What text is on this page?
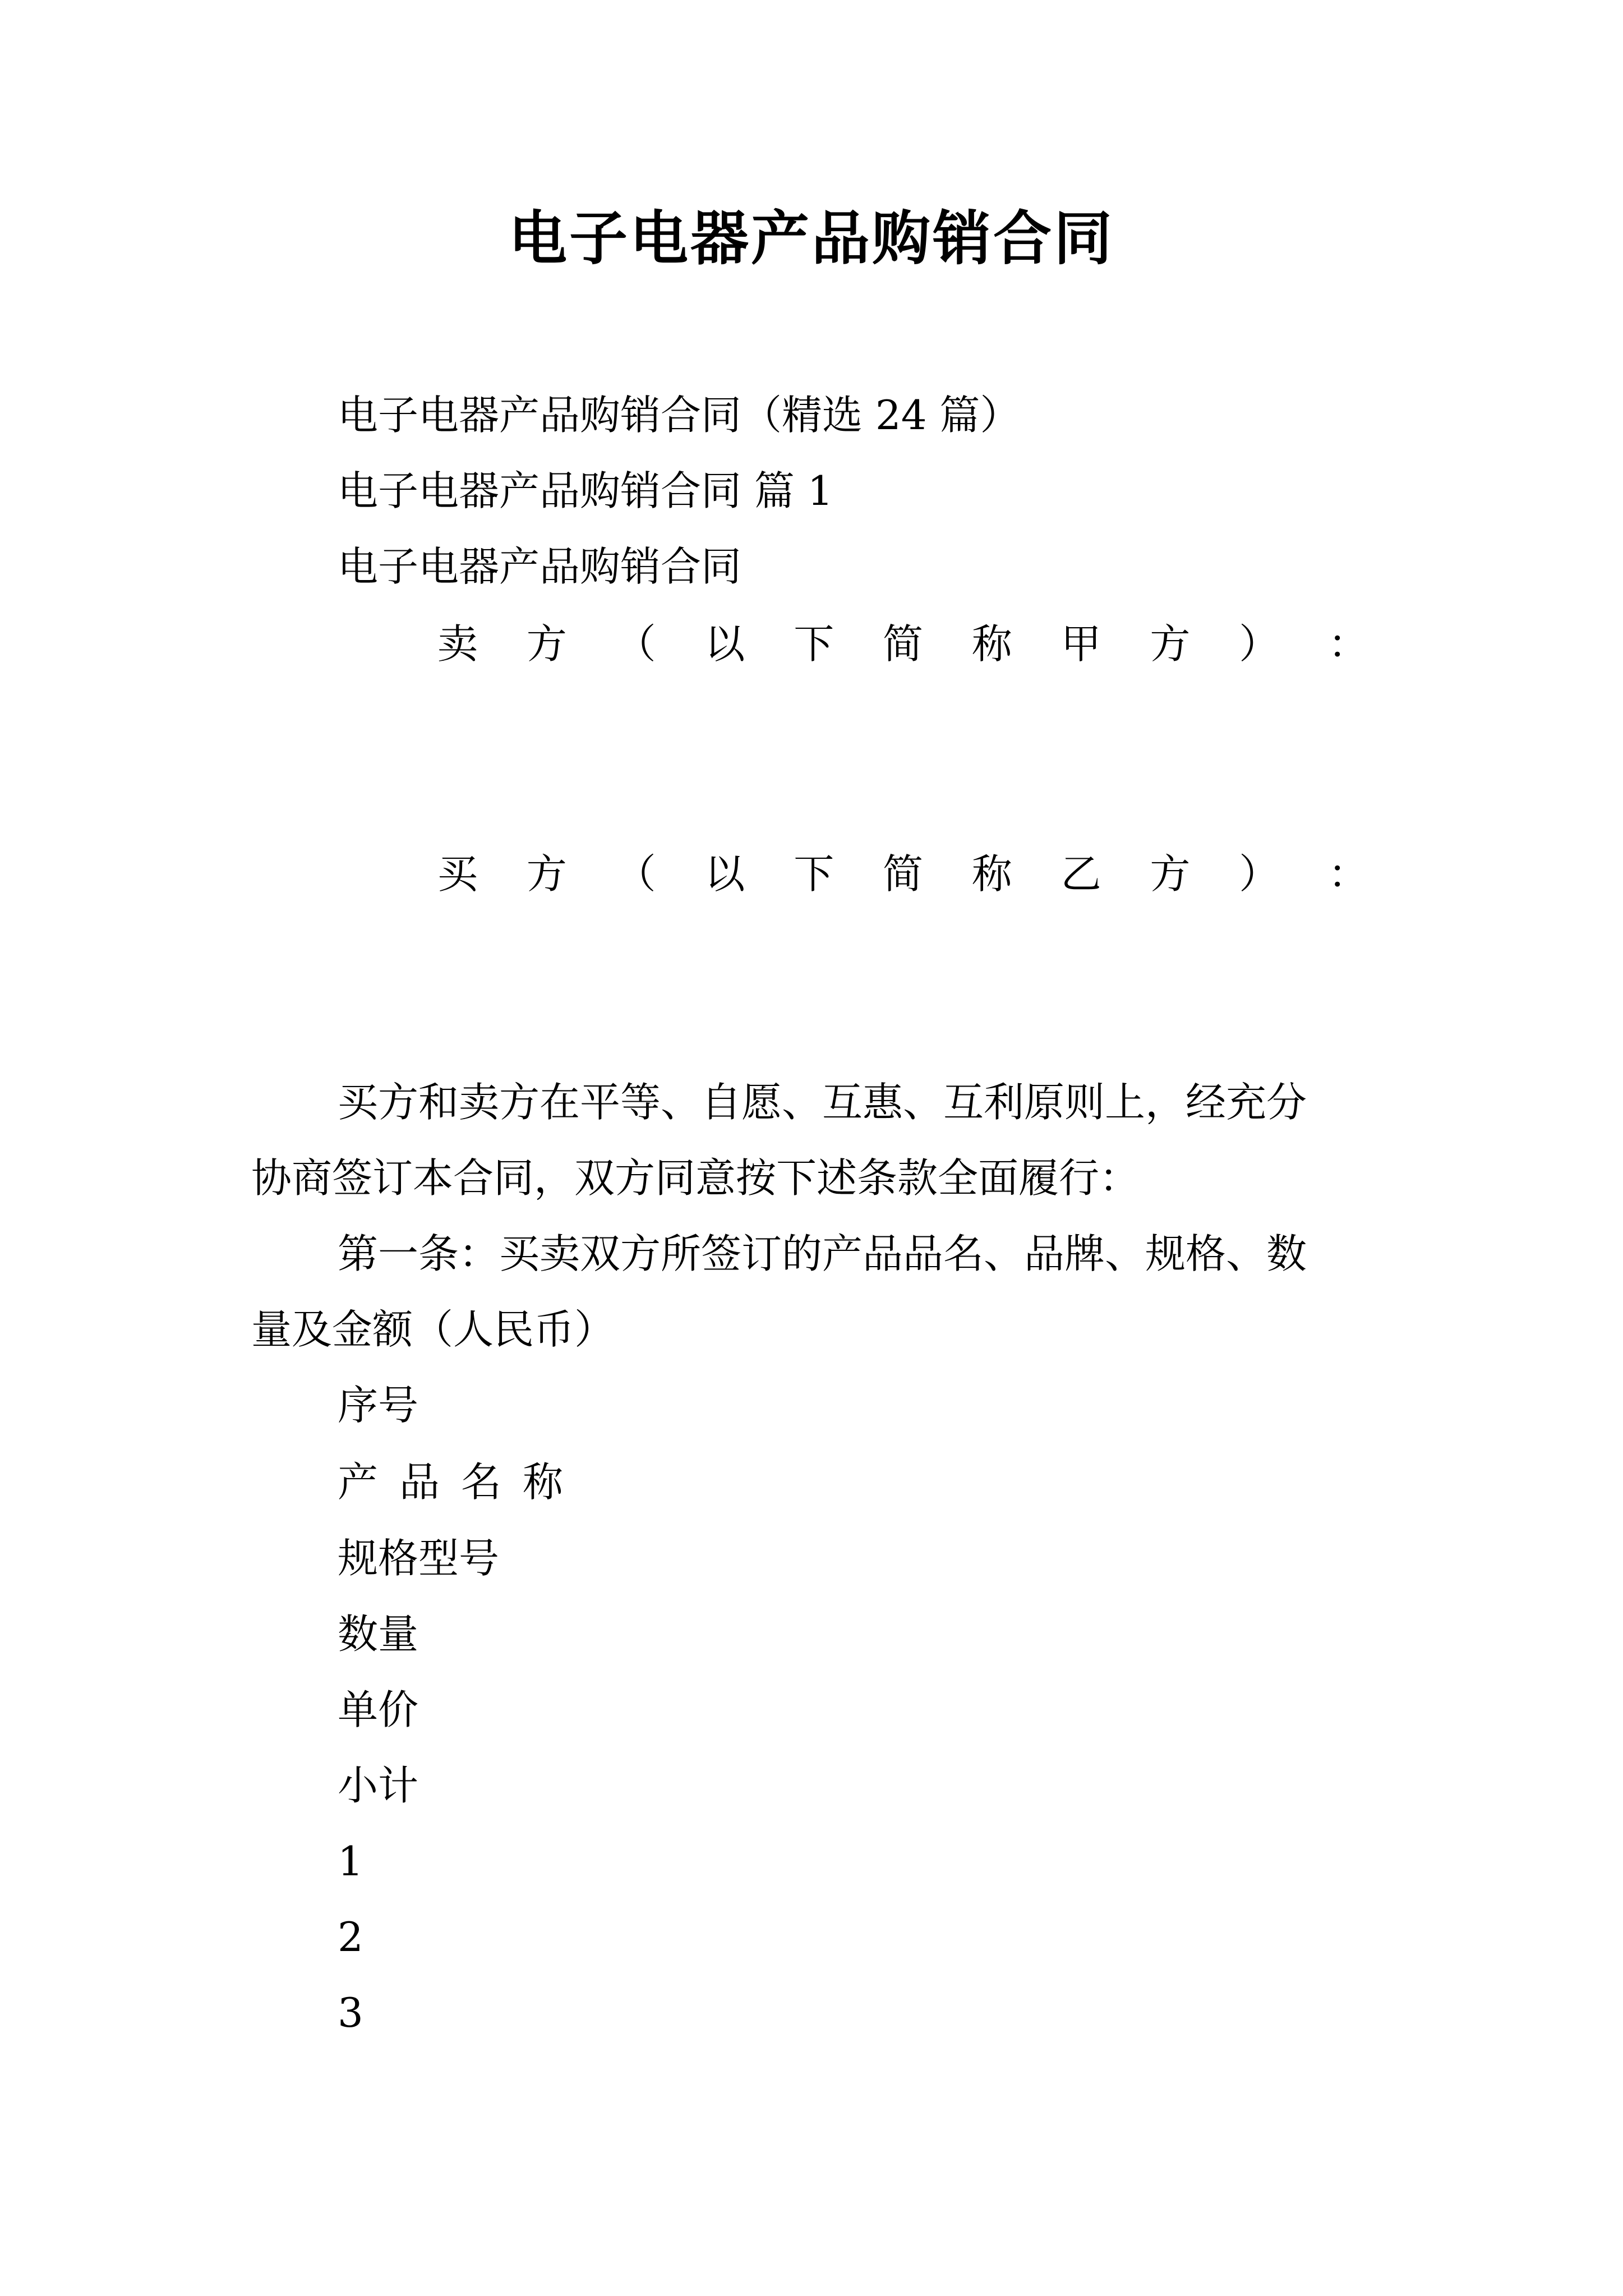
电子电器产品购销合同
电子电器产品购销合同（精选 24 篇）
电子电器产品购销合同 篇 1
电子电器产品购销合同
卖 方 （ 以 下 简 称 甲 方 ） ：
买 方 （ 以 下 简 称 乙 方 ） ：
买方和卖方在平等、自愿、互惠、互利原则上，经充分
协商签订本合同，双方同意按下述条款全面履行：
第一条：买卖双方所签订的产品品名、品牌、规格、数
量及金额（人民币）
序号
产品名称
规格型号
数量
单价
小计
1
2
3
